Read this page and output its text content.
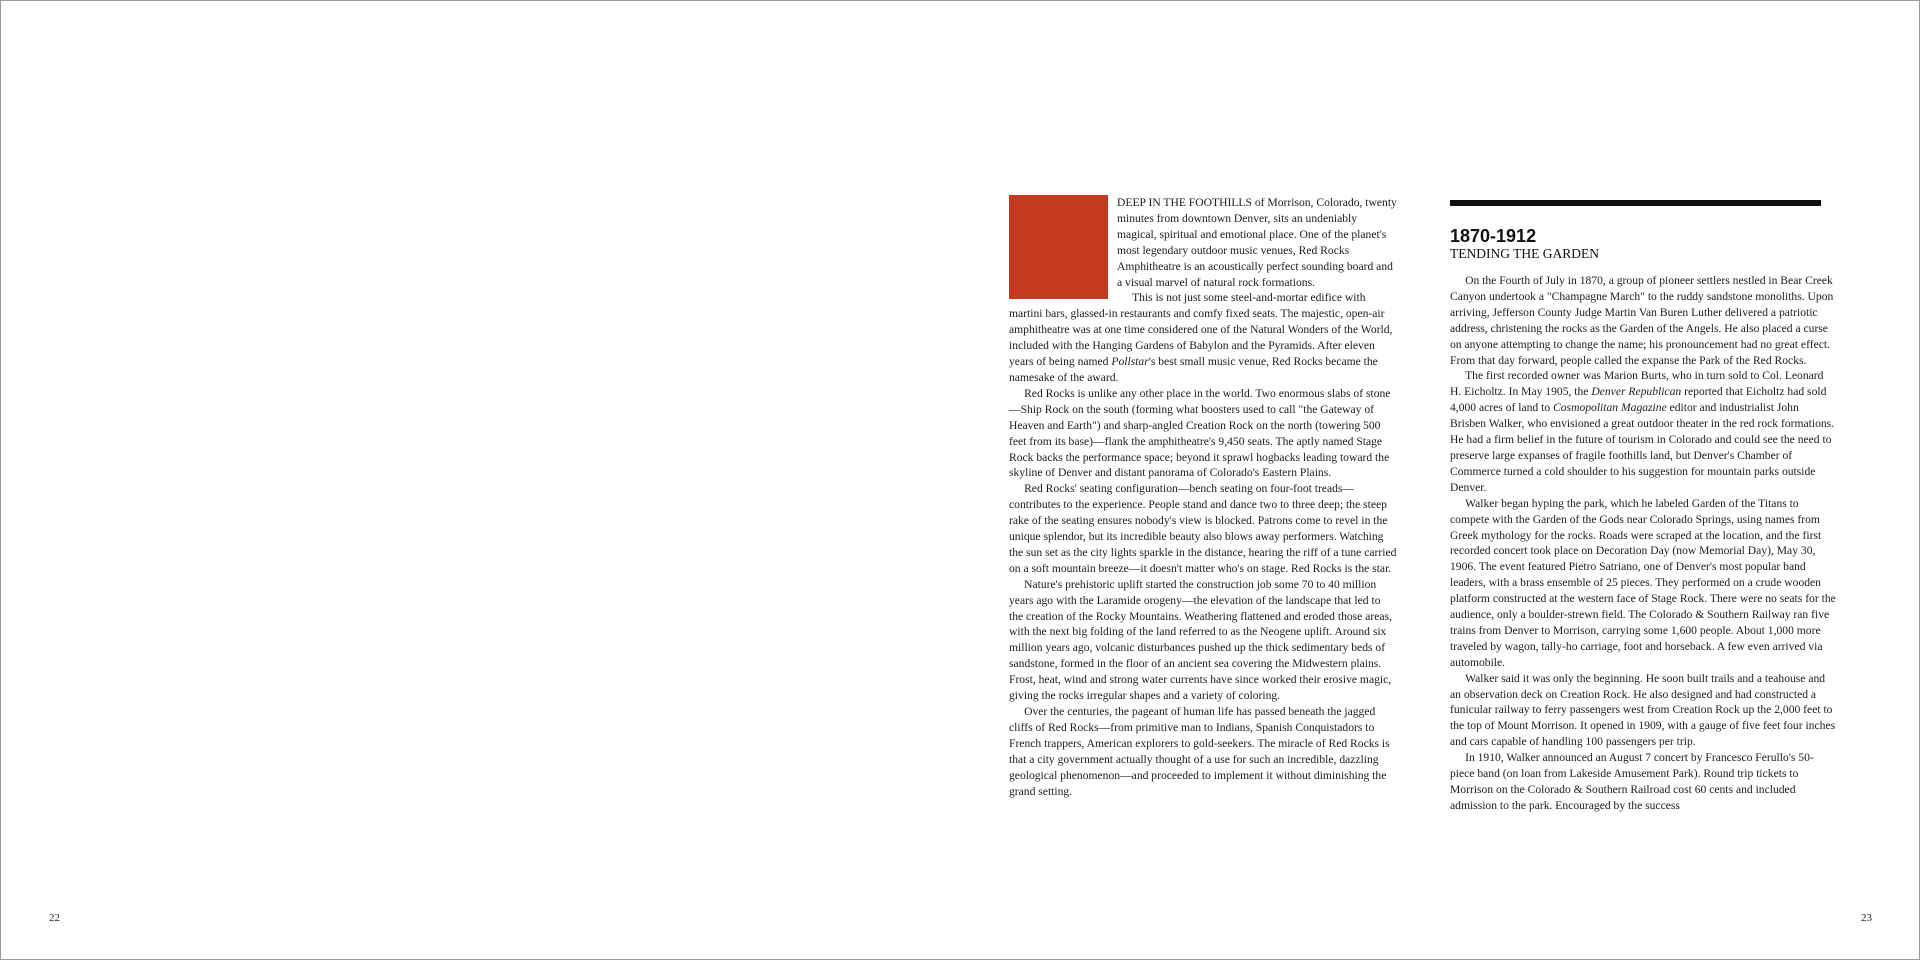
DEEP IN THE FOOTHILLS of Morrison, Colorado, twenty minutes from downtown Denver, sits an undeniably magical, spiritual and emotional place. One of the planet's most legendary outdoor music venues, Red Rocks Amphitheatre is an acoustically perfect sounding board and a visual marvel of natural rock formations.

This is not just some steel-and-mortar edifice with martini bars, glassed-in restaurants and comfy fixed seats. The majestic, open-air amphitheatre was at one time considered one of the Natural Wonders of the World, included with the Hanging Gardens of Babylon and the Pyramids. After eleven years of being named Pollstar's best small music venue, Red Rocks became the namesake of the award.

Red Rocks is unlike any other place in the world. Two enormous slabs of stone—Ship Rock on the south (forming what boosters used to call "the Gateway of Heaven and Earth") and sharp-angled Creation Rock on the north (towering 500 feet from its base)—flank the amphitheatre's 9,450 seats. The aptly named Stage Rock backs the performance space; beyond it sprawl hogbacks leading toward the skyline of Denver and distant panorama of Colorado's Eastern Plains.

Red Rocks' seating configuration—bench seating on four-foot treads—contributes to the experience. People stand and dance two to three deep; the steep rake of the seating ensures nobody's view is blocked. Patrons come to revel in the unique splendor, but its incredible beauty also blows away performers. Watching the sun set as the city lights sparkle in the distance, hearing the riff of a tune carried on a soft mountain breeze—it doesn't matter who's on stage. Red Rocks is the star.

Nature's prehistoric uplift started the construction job some 70 to 40 million years ago with the Laramide orogeny—the elevation of the landscape that led to the creation of the Rocky Mountains. Weathering flattened and eroded those areas, with the next big folding of the land referred to as the Neogene uplift. Around six million years ago, volcanic disturbances pushed up the thick sedimentary beds of sandstone, formed in the floor of an ancient sea covering the Midwestern plains. Frost, heat, wind and strong water currents have since worked their erosive magic, giving the rocks irregular shapes and a variety of coloring.

Over the centuries, the pageant of human life has passed beneath the jagged cliffs of Red Rocks—from primitive man to Indians, Spanish Conquistadors to French trappers, American explorers to gold-seekers. The miracle of Red Rocks is that a city government actually thought of a use for such an incredible, dazzling geological phenomenon—and proceeded to implement it without diminishing the grand setting.

1870-1912
TENDING THE GARDEN

On the Fourth of July in 1870, a group of pioneer settlers nestled in Bear Creek Canyon undertook a "Champagne March" to the ruddy sandstone monoliths. Upon arriving, Jefferson County Judge Martin Van Buren Luther delivered a patriotic address, christening the rocks as the Garden of the Angels. He also placed a curse on anyone attempting to change the name; his pronouncement had no great effect. From that day forward, people called the expanse the Park of the Red Rocks.

The first recorded owner was Marion Burts, who in turn sold to Col. Leonard H. Eicholtz. In May 1905, the Denver Republican reported that Eicholtz had sold 4,000 acres of land to Cosmopolitan Magazine editor and industrialist John Brisben Walker, who envisioned a great outdoor theater in the red rock formations. He had a firm belief in the future of tourism in Colorado and could see the need to preserve large expanses of fragile foothills land, but Denver's Chamber of Commerce turned a cold shoulder to his suggestion for mountain parks outside Denver.

Walker began hyping the park, which he labeled Garden of the Titans to compete with the Garden of the Gods near Colorado Springs, using names from Greek mythology for the rocks. Roads were scraped at the location, and the first recorded concert took place on Decoration Day (now Memorial Day), May 30, 1906. The event featured Pietro Satriano, one of Denver's most popular band leaders, with a brass ensemble of 25 pieces. They performed on a crude wooden platform constructed at the western face of Stage Rock. There were no seats for the audience, only a boulder-strewn field. The Colorado & Southern Railway ran five trains from Denver to Morrison, carrying some 1,600 people. About 1,000 more traveled by wagon, tally-ho carriage, foot and horseback. A few even arrived via automobile.

Walker said it was only the beginning. He soon built trails and a teahouse and an observation deck on Creation Rock. He also designed and had constructed a funicular railway to ferry passengers west from Creation Rock up the 2,000 feet to the top of Mount Morrison. It opened in 1909, with a gauge of five feet four inches and cars capable of handling 100 passengers per trip.

In 1910, Walker announced an August 7 concert by Francesco Ferullo's 50-piece band (on loan from Lakeside Amusement Park). Round trip tickets to Morrison on the Colorado & Southern Railroad cost 60 cents and included admission to the park. Encouraged by the success

22	23
